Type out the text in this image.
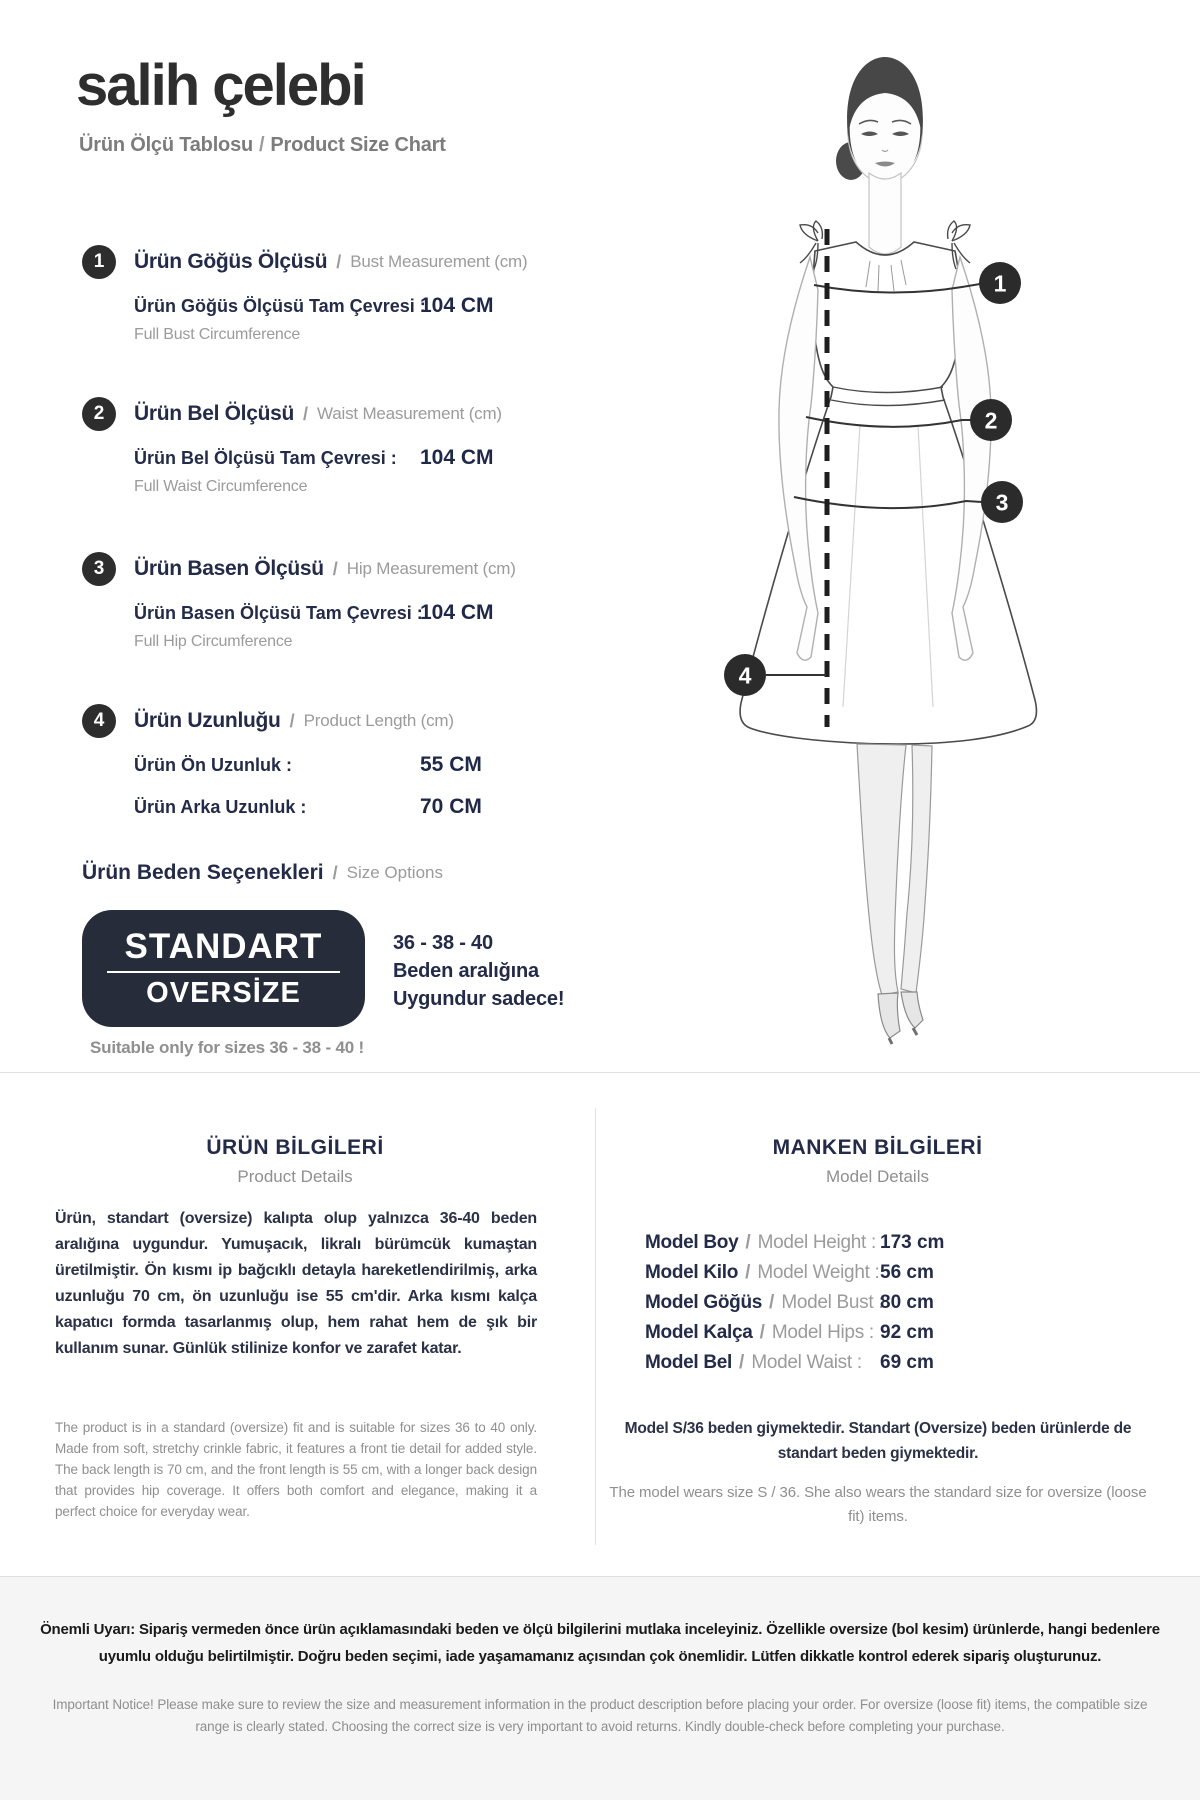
salih çelebi
Ürün Ölçü Tablosu / Product Size Chart
1	Ürün Göğüs Ölçüsü / Bust Measurement (cm)
Ürün Göğüs Ölçüsü Tam Çevresi :
104 CM
Full Bust Circumference
2	Ürün Bel Ölçüsü / Waist Measurement (cm)
Ürün Bel Ölçüsü Tam Çevresi : 104 CM
Full Waist Circumference
3	Ürün Basen Ölçüsü / Hip Measurement (cm)
Ürün Basen Ölçüsü Tam Çevresi :
104 CM
Full Hip Circumference
4	Ürün Uzunluğu / Product Length (cm)
Ürün Ön Uzunluk :	55 CM
Ürün Arka Uzunluk :	70 CM
Ürün Beden Seçenekleri / Size Options
STANDART
OVERSİZE
36 - 38 - 40
Beden aralığına
Uygundur sadece!
Suitable only for sizes 36 - 38 - 40 !
1
2
3
4
ÜRÜN BİLGİLERİ
Product Details
Ürün, standart (oversize) kalıpta olup yalnızca 36-40 beden aralığına uygundur. Yumuşacık, likralı bürümcük kumaştan üretilmiştir. Ön kısmı ip bağcıklı detayla hareketlendirilmiş, arka uzunluğu 70 cm, ön uzunluğu ise 55 cm'dir. Arka kısmı kalça kapatıcı formda tasarlanmış olup, hem rahat hem de şık bir kullanım sunar. Günlük stilinize konfor ve zarafet katar.
The product is in a standard (oversize) fit and is suitable for sizes 36 to 40 only. Made from soft, stretchy crinkle fabric, it features a front tie detail for added style. The back length is 70 cm, and the front length is 55 cm, with a longer back design that provides hip coverage. It offers both comfort and elegance, making it a perfect choice for everyday wear.
MANKEN BİLGİLERİ
Model Details
Model Boy / Model Height : 173 cm
Model Kilo / Model Weight : 56 cm
Model Göğüs / Model Bust :
80 cm
Model Kalça / Model Hips : 92 cm
Model Bel / Model Waist : 69 cm
Model S/36 beden giymektedir. Standart (Oversize) beden ürünlerde de standart beden giymektedir.
The model wears size S / 36. She also wears the standard size for oversize (loose fit) items.
Önemli Uyarı: Sipariş vermeden önce ürün açıklamasındaki beden ve ölçü bilgilerini mutlaka inceleyiniz. Özellikle oversize (bol kesim) ürünlerde, hangi bedenlere uyumlu olduğu belirtilmiştir. Doğru beden seçimi, iade yaşamamanız açısından çok önemlidir. Lütfen dikkatle kontrol ederek sipariş oluşturunuz.
Important Notice! Please make sure to review the size and measurement information in the product description before placing your order. For oversize (loose fit) items, the compatible size range is clearly stated. Choosing the correct size is very important to avoid returns. Kindly double-check before completing your purchase.
